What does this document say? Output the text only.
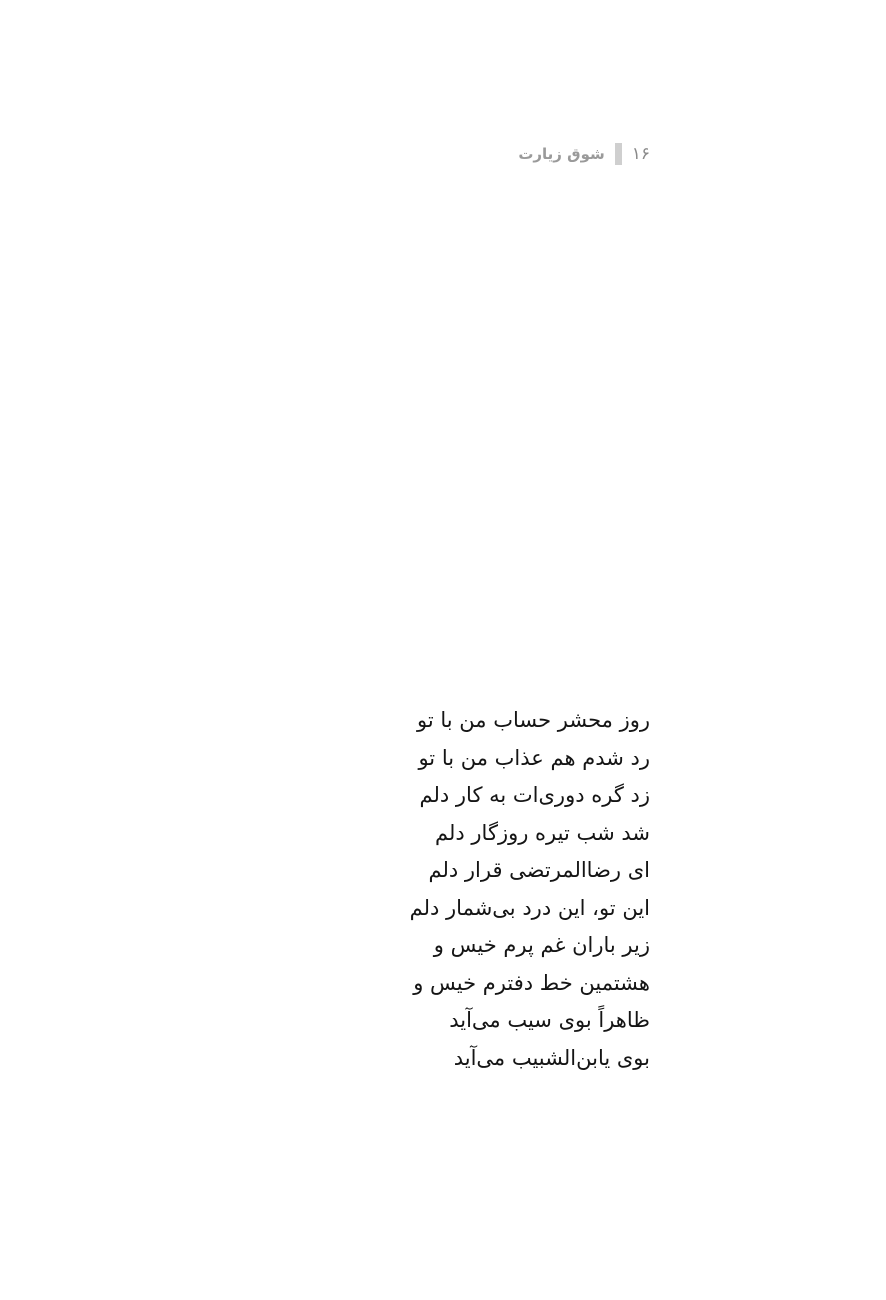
۱۶
شوق زیارت
روز محشر حساب من با تو
رد شدم هم عذاب من با تو
زد گره دوری‌ات به کار دلم
شد شب تیره روزگار دلم
ای رضاالمرتضی قرار دلم
این تو، این درد بی‌شمار دلم
زیر باران غم پرم خیس و
هشتمین خط دفترم خیس و
ظاهراً بوی سیب می‌آید
بوی یابن‌الشبیب می‌آید
